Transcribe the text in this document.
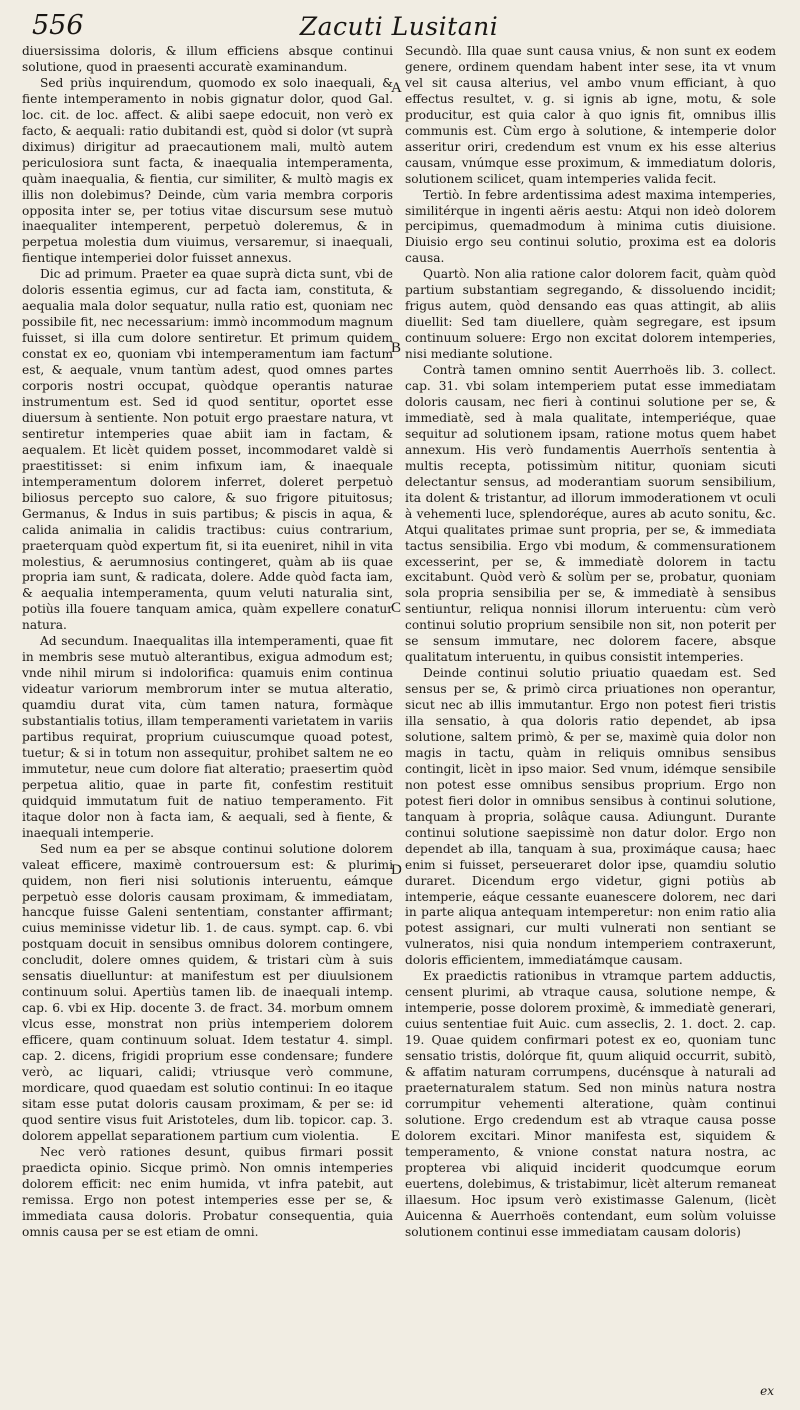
556	Zacuti Lusitani

diuersissima doloris, & illum efficiens absque continui solutione, quod in praesenti accuratè examinandum.

Sed priùs inquirendum, quomodo ex solo inaequali, & fiente intemperamento in nobis gignatur dolor, quod Gal. loc. cit. de loc. affect. & alibi saepe edocuit, non verò ex facto, & aequali: ratio dubitandi est, quòd si dolor (vt suprà diximus) dirigitur ad praecautionem mali, multò autem periculosiora sunt facta, & inaequalia intemperamenta, quàm inaequalia, & fientia, cur similiter, & multò magis ex illis non dolebimus? Deinde, cùm varia membra corporis opposita inter se, per totius vitae discursum sese mutuò inaequaliter intemperent, perpetuò doleremus, & in perpetua molestia dum viuimus, versaremur, si inaequali, fientique intemperiei dolor fuisset annexus.

Dic ad primum. Praeter ea quae suprà dicta sunt, vbi de doloris essentia egimus, cur ad facta iam, constituta, & aequalia mala dolor sequatur, nulla ratio est, quoniam nec possibile fit, nec necessarium: immò incommodum magnum fuisset, si illa cum dolore sentiretur. Et primum quidem constat ex eo, quoniam vbi intemperamentum iam factum est, & aequale, vnum tantùm adest, quod omnes partes corporis nostri occupat, quòdque operantis naturae instrumentum est. Sed id quod sentitur, oportet esse diuersum à sentiente. Non potuit ergo praestare natura, vt sentiretur intemperies quae abiit iam in factam, & aequalem. Et licèt quidem posset, incommodaret valdè si praestitisset: si enim infixum iam, & inaequale intemperamentum dolorem inferret, doleret perpetuò biliosus percepto suo calore, & suo frigore pituitosus; Germanus, & Indus in suis partibus; & piscis in aqua, & calida animalia in calidis tractibus: cuius contrarium, praeterquam quòd expertum fit, si ita eueniret, nihil in vita molestius, & aerumnosius contingeret, quàm ab iis quae propria iam sunt, & radicata, dolere. Adde quòd facta iam, & aequalia intemperamenta, quum veluti naturalia sint, potiùs illa fouere tanquam amica, quàm expellere conatur natura.

Ad secundum. Inaequalitas illa intemperamenti, quae fit in membris sese mutuò alterantibus, exigua admodum est; vnde nihil mirum si indolorifica: quamuis enim continua videatur variorum membrorum inter se mutua alteratio, quamdiu durat vita, cùm tamen natura, formàque substantialis totius, illam temperamenti varietatem in variis partibus requirat, proprium cuiuscumque quoad potest, tuetur; & si in totum non assequitur, prohibet saltem ne eo immutetur, neue cum dolore fiat alteratio; praesertim quòd perpetua alitio, quae in parte fit, confestim restituit quidquid immutatum fuit de natiuo temperamento. Fit itaque dolor non à facta iam, & aequali, sed à fiente, & inaequali intemperie.

Sed num ea per se absque continui solutione dolorem valeat efficere, maximè controuersum est: & plurimi quidem, non fieri nisi solutionis interuentu, eámque perpetuò esse doloris causam proximam, & immediatam, hancque fuisse Galeni sententiam, constanter affirmant; cuius meminisse videtur lib. 1. de caus. sympt. cap. 6. vbi postquam docuit in sensibus omnibus dolorem contingere, concludit, dolere omnes quidem, & tristari cùm à suis sensatis diuelluntur: at manifestum est per diuulsionem continuum solui. Apertiùs tamen lib. de inaequali intemp. cap. 6. vbi ex Hip. docente 3. de fract. 34. morbum omnem vlcus esse, monstrat non priùs intemperiem dolorem efficere, quam continuum soluat. Idem testatur 4. simpl. cap. 2. dicens, frigidi proprium esse condensare; fundere verò, ac liquari, calidi; vtriusque verò commune, mordicare, quod quaedam est solutio continui: In eo itaque sitam esse putat doloris causam proximam, & per se: id quod sentire visus fuit Aristoteles, dum lib. topicor. cap. 3. dolorem appellat separationem partium cum violentia.

Nec verò rationes desunt, quibus firmari possit praedicta opinio. Sicque primò. Non omnis intemperies dolorem efficit: nec enim humida, vt infra patebit, aut remissa. Ergo non potest intemperies esse per se, & immediata causa doloris. Probatur consequentia, quia omnis causa per se est etiam de omni.

Secundò. Illa quae sunt causa vnius, & non sunt ex eodem genere, ordinem quendam habent inter sese, ita vt vnum vel sit causa alterius, vel ambo vnum efficiant, à quo effectus resultet, v. g. si ignis ab igne, motu, & sole producitur, est quia calor à quo ignis fit, omnibus illis communis est. Cùm ergo à solutione, & intemperie dolor asseritur oriri, credendum est vnum ex his esse alterius causam, vnúmque esse proximum, & immediatum doloris, solutionem scilicet, quam intemperies valida fecit.

Tertiò. In febre ardentissima adest maxima intemperies, similitérque in ingenti aëris aestu: Atqui non ideò dolorem percipimus, quemadmodum à minima cutis diuisione. Diuisio ergo seu continui solutio, proxima est ea doloris causa.

Quartò. Non alia ratione calor dolorem facit, quàm quòd partium substantiam segregando, & dissoluendo incidit; frigus autem, quòd densando eas quas attingit, ab aliis diuellit: Sed tam diuellere, quàm segregare, est ipsum continuum soluere: Ergo non excitat dolorem intemperies, nisi mediante solutione.

Contrà tamen omnino sentit Auerrhoës lib. 3. collect. cap. 31. vbi solam intemperiem putat esse immediatam doloris causam, nec fieri à continui solutione per se, & immediatè, sed à mala qualitate, intemperiéque, quae sequitur ad solutionem ipsam, ratione motus quem habet annexum. His verò fundamentis Auerrhoïs sententia à multis recepta, potissimùm nititur, quoniam sicuti delectantur sensus, ad moderantiam suorum sensibilium, ita dolent & tristantur, ad illorum immoderationem vt oculi à vehementi luce, splendoréque, aures ab acuto sonitu, &c. Atqui qualitates primae sunt propria, per se, & immediata tactus sensibilia. Ergo vbi modum, & commensurationem excesserint, per se, & immediatè dolorem in tactu excitabunt. Quòd verò & solùm per se, probatur, quoniam sola propria sensibilia per se, & immediatè à sensibus sentiuntur, reliqua nonnisi illorum interuentu: cùm verò continui solutio proprium sensibile non sit, non poterit per se sensum immutare, nec dolorem facere, absque qualitatum interuentu, in quibus consistit intemperies.

Deinde continui solutio priuatio quaedam est. Sed sensus per se, & primò circa priuationes non operantur, sicut nec ab illis immutantur. Ergo non potest fieri tristis illa sensatio, à qua doloris ratio dependet, ab ipsa solutione, saltem primò, & per se, maximè quia dolor non magis in tactu, quàm in reliquis omnibus sensibus contingit, licèt in ipso maior. Sed vnum, idémque sensibile non potest esse omnibus sensibus proprium. Ergo non potest fieri dolor in omnibus sensibus à continui solutione, tanquam à propria, solâque causa. Adiungunt. Durante continui solutione saepissimè non datur dolor. Ergo non dependet ab illa, tanquam à sua, proximáque causa; haec enim si fuisset, perseueraret dolor ipse, quamdiu solutio duraret. Dicendum ergo videtur, gigni potiùs ab intemperie, eáque cessante euanescere dolorem, nec dari in parte aliqua antequam intemperetur: non enim ratio alia potest assignari, cur multi vulnerati non sentiant se vulneratos, nisi quia nondum intemperiem contraxerunt, doloris efficientem, immediatámque causam.

Ex praedictis rationibus in vtramque partem adductis, censent plurimi, ab vtraque causa, solutione nempe, & intemperie, posse dolorem proximè, & immediatè generari, cuius sententiae fuit Auic. cum asseclis, 2. 1. doct. 2. cap. 19. Quae quidem confirmari potest ex eo, quoniam tunc sensatio tristis, dolórque fit, quum aliquid occurrit, subitò, & affatim naturam corrumpens, ducénsque à naturali ad praeternaturalem statum. Sed non minùs natura nostra corrumpitur vehementi alteratione, quàm continui solutione. Ergo credendum est ab vtraque causa posse dolorem excitari. Minor manifesta est, siquidem & temperamento, & vnione constat natura nostra, ac propterea vbi aliquid inciderit quodcumque eorum euertens, dolebimus, & tristabimur, licèt alterum remaneat illaesum. Hoc ipsum verò existimasse Galenum, (licèt Auicenna & Auerrhoës contendant, eum solùm voluisse solutionem continui esse immediatam causam doloris)

A
B
C
D
E
ex
